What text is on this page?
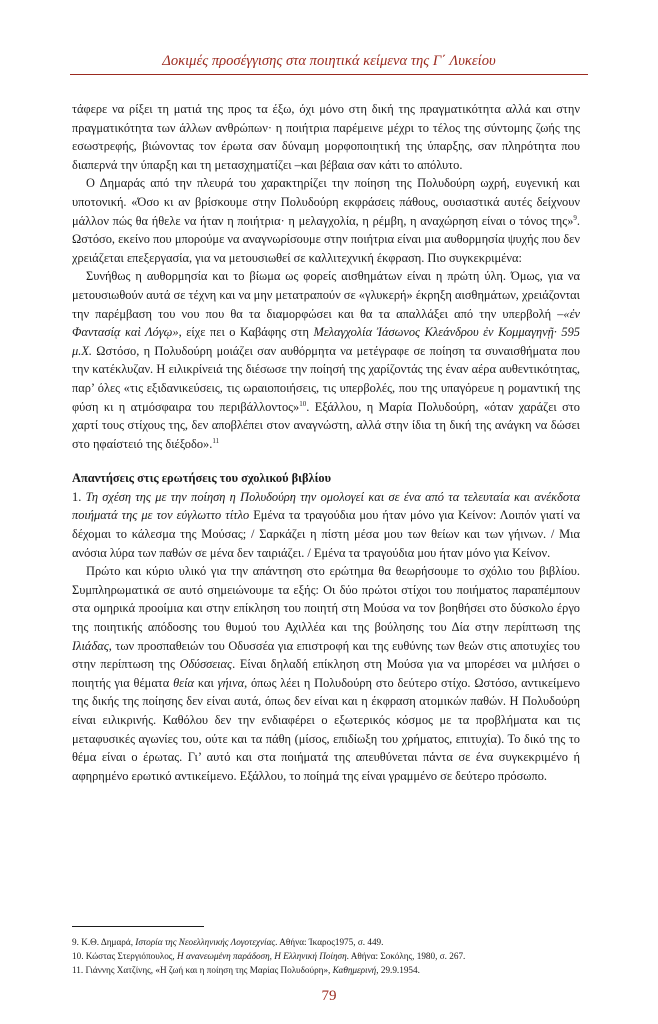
Δοκιμές προσέγγισης στα ποιητικά κείμενα της Γ΄ Λυκείου

τάφερε να ρίξει τη ματιά της προς τα έξω, όχι μόνο στη δική της πραγματικότητα αλλά και στην πραγματικότητα των άλλων ανθρώπων· η ποιήτρια παρέμεινε μέχρι το τέλος της σύντομης ζωής της εσωστρεφής, βιώνοντας τον έρωτα σαν δύναμη μορφοποιητική της ύπαρξης, σαν πληρότητα που διαπερνά την ύπαρξη και τη μετασχηματίζει –και βέβαια σαν κάτι το απόλυτο.

Ο Δημαράς από την πλευρά του χαρακτηρίζει την ποίηση της Πολυδούρη ωχρή, ευγενική και υποτονική. «Όσο κι αν βρίσκουμε στην Πολυδούρη εκφράσεις πάθους, ουσιαστικά αυτές δείχνουν μάλλον πώς θα ήθελε να ήταν η ποιήτρια· η μελαγχολία, η ρέμβη, η αναχώρηση είναι ο τόνος της»$^9$. Ωστόσο, εκείνο που μπορούμε να αναγνωρίσουμε στην ποιήτρια είναι μια αυθορμησία ψυχής που δεν χρειάζεται επεξεργασία, για να μετουσιωθεί σε καλλιτεχνική έκφραση. Πιο συγκεκριμένα:

Συνήθως η αυθορμησία και το βίωμα ως φορείς αισθημάτων είναι η πρώτη ύλη. Όμως, για να μετουσιωθούν αυτά σε τέχνη και να μην μετατραπούν σε «γλυκερή» έκρηξη αισθημάτων, χρειάζονται την παρέμβαση του νου που θα τα διαμορφώσει και θα τα απαλλάξει από την υπερβολή –«ἐν Φαντασίᾳ καὶ Λόγῳ», είχε πει ο Καβάφης στη Μελαγχολία Ἰάσωνος Κλεάνδρου ἐν Κομμαγηνῇ· 595 μ.Χ. Ωστόσο, η Πολυδούρη μοιάζει σαν αυθόρμητα να μετέγραφε σε ποίηση τα συναισθήματα που την κατέκλυζαν. Η ειλικρίνειά της διέσωσε την ποίησή της χαρίζοντάς της έναν αέρα αυθεντικότητας, παρ’ όλες «τις εξιδανικεύσεις, τις ωραιοποιήσεις, τις υπερβολές, που της υπαγόρευε η ρομαντική της φύση κι η ατμόσφαιρα του περιβάλλοντος»$^{10}$. Εξάλλου, η Μαρία Πολυδούρη, «όταν χαράζει στο χαρτί τους στίχους της, δεν αποβλέπει στον αναγνώστη, αλλά στην ίδια τη δική της ανάγκη να δώσει στο ηφαίστειό της διέξοδο».$^{11}$

Απαντήσεις στις ερωτήσεις του σχολικού βιβλίου

1. Τη σχέση της με την ποίηση η Πολυδούρη την ομολογεί και σε ένα από τα τελευταία και ανέκδοτα ποιήματά της με τον εύγλωττο τίτλο Εμένα τα τραγούδια μου ήταν μόνο για Κείνον: Λοιπόν γιατί να δέχομαι το κάλεσμα της Μούσας; / Σαρκάζει η πίστη μέσα μου των θείων και των γήινων. / Μια ανόσια λύρα των παθών σε μένα δεν ταιριάζει. / Εμένα τα τραγούδια μου ήταν μόνο για Κείνον.

Πρώτο και κύριο υλικό για την απάντηση στο ερώτημα θα θεωρήσουμε το σχόλιο του βιβλίου. Συμπληρωματικά σε αυτό σημειώνουμε τα εξής: Οι δύο πρώτοι στίχοι του ποιήματος παραπέμπουν στα ομηρικά προοίμια και στην επίκληση του ποιητή στη Μούσα να τον βοηθήσει στο δύσκολο έργο της ποιητικής απόδοσης του θυμού του Αχιλλέα και της βούλησης του Δία στην περίπτωση της Ιλιάδας, των προσπαθειών του Οδυσσέα για επιστροφή και της ευθύνης των θεών στις αποτυχίες του στην περίπτωση της Οδύσσειας. Είναι δηλαδή επίκληση στη Μούσα για να μπορέσει να μιλήσει ο ποιητής για θέματα θεία και γήινα, όπως λέει η Πολυδούρη στο δεύτερο στίχο. Ωστόσο, αντικείμενο της δικής της ποίησης δεν είναι αυτά, όπως δεν είναι και η έκφραση ατομικών παθών. Η Πολυδούρη είναι ειλικρινής. Καθόλου δεν την ενδιαφέρει ο εξωτερικός κόσμος με τα προβλήματα και τις μεταφυσικές αγωνίες του, ούτε και τα πάθη (μίσος, επιδίωξη του χρήματος, επιτυχία). Το δικό της το θέμα είναι ο έρωτας. Γι’ αυτό και στα ποιήματά της απευθύνεται πάντα σε ένα συγκεκριμένο ή αφηρημένο ερωτικό αντικείμενο. Εξάλλου, το ποίημά της είναι γραμμένο σε δεύτερο πρόσωπο.

9. Κ.Θ. Δημαρά, Ιστορία της Νεοελληνικής Λογοτεχνίας. Αθήνα: Ίκαρος1975, σ. 449.
10. Κώστας Στεργιόπουλος, Η ανανεωμένη παράδοση, Η Ελληνική Ποίηση. Αθήνα: Σοκόλης, 1980, σ. 267.
11. Γιάννης Χατζίνης, «Η ζωή και η ποίηση της Μαρίας Πολυδούρη», Καθημερινή, 29.9.1954.
79
